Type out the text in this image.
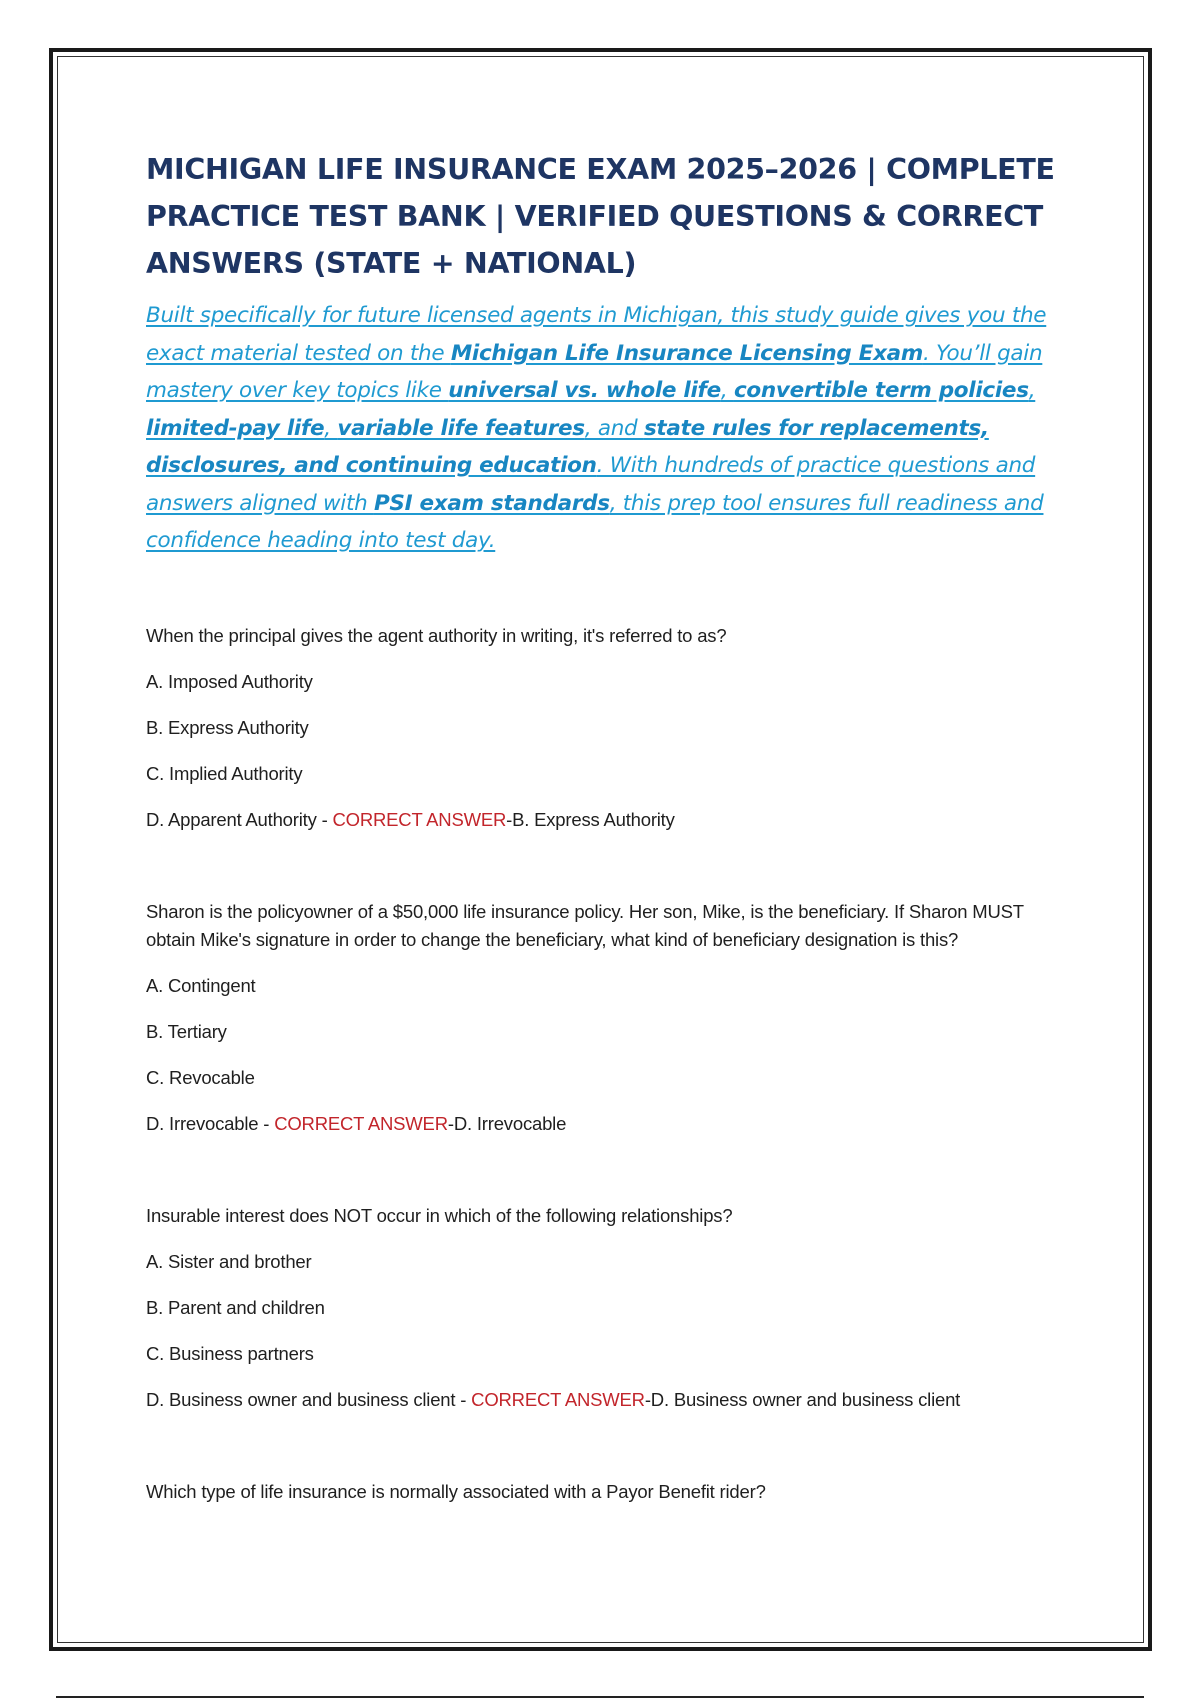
MICHIGAN LIFE INSURANCE EXAM 2025–2026 | COMPLETE PRACTICE TEST BANK | VERIFIED QUESTIONS & CORRECT ANSWERS (STATE + NATIONAL)

Built specifically for future licensed agents in Michigan, this study guide gives you the exact material tested on the Michigan Life Insurance Licensing Exam. You’ll gain mastery over key topics like universal vs. whole life, convertible term policies, limited-pay life, variable life features, and state rules for replacements, disclosures, and continuing education. With hundreds of practice questions and answers aligned with PSI exam standards, this prep tool ensures full readiness and confidence heading into test day.

When the principal gives the agent authority in writing, it's referred to as?

A. Imposed Authority

B. Express Authority

C. Implied Authority

D. Apparent Authority - CORRECT ANSWER-B. Express Authority

Sharon is the policyowner of a $50,000 life insurance policy. Her son, Mike, is the beneficiary. If Sharon MUST obtain Mike's signature in order to change the beneficiary, what kind of beneficiary designation is this?

A. Contingent

B. Tertiary

C. Revocable

D. Irrevocable - CORRECT ANSWER-D. Irrevocable

Insurable interest does NOT occur in which of the following relationships?

A. Sister and brother

B. Parent and children

C. Business partners

D. Business owner and business client - CORRECT ANSWER-D. Business owner and business client

Which type of life insurance is normally associated with a Payor Benefit rider?
